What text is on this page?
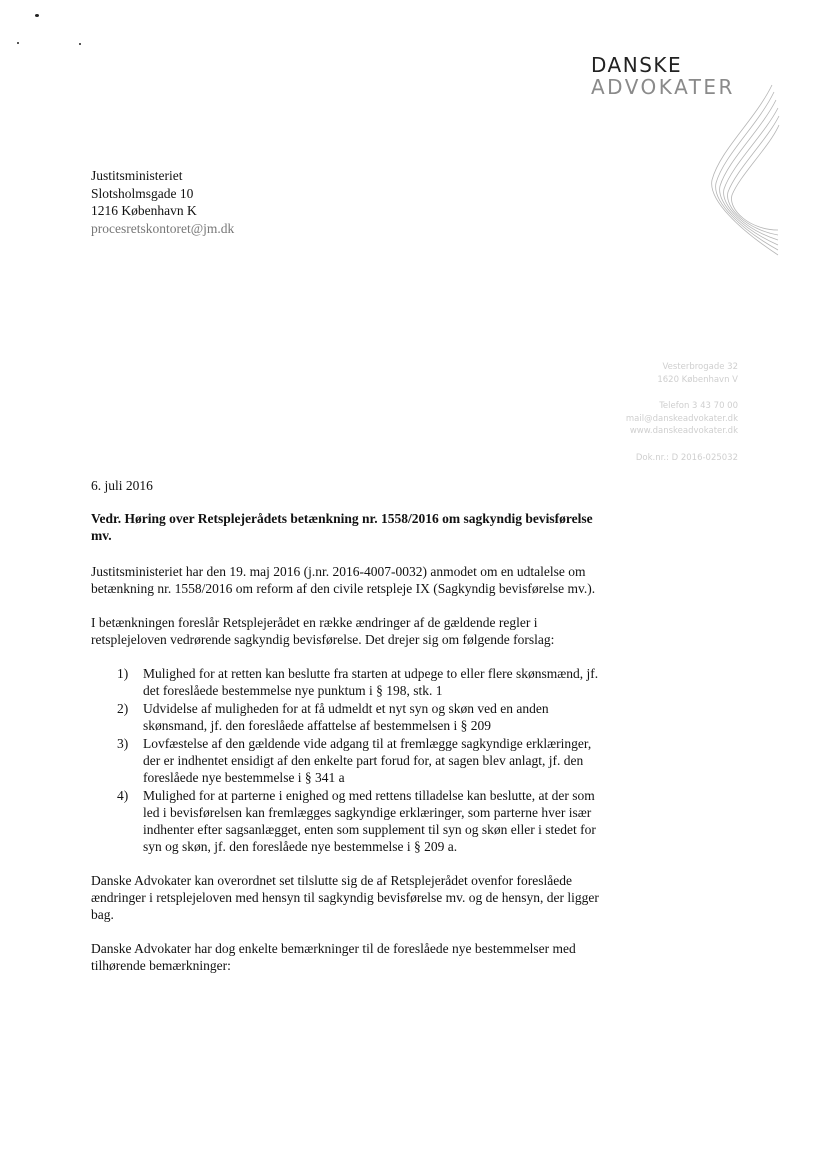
DANSKE
ADVOKATER
Justitsministeriet
Slotsholmsgade 10
1216 København K
procesretskontoret@jm.dk
Vesterbrogade 32
1620 København V
Telefon 3 43 70 00
mail@danskeadvokater.dk
www.danskeadvokater.dk
Dok.nr.: D 2016-025032
6. juli 2016
Vedr. Høring over Retsplejerådets betænkning nr. 1558/2016 om sagkyndig bevisførelse mv.

Justitsministeriet har den 19. maj 2016 (j.nr. 2016-4007-0032) anmodet om en udtalelse om betænkning nr. 1558/2016 om reform af den civile retspleje IX (Sagkyndig bevisførelse mv.).

I betænkningen foreslår Retsplejerådet en række ændringer af de gældende regler i retsplejeloven vedrørende sagkyndig bevisførelse. Det drejer sig om følgende forslag:

1) Mulighed for at retten kan beslutte fra starten at udpege to eller flere skønsmænd, jf. det foreslåede bestemmelse nye punktum i § 198, stk. 1
2) Udvidelse af muligheden for at få udmeldt et nyt syn og skøn ved en anden skønsmand, jf. den foreslåede affattelse af bestemmelsen i § 209
3) Lovfæstelse af den gældende vide adgang til at fremlægge sagkyndige erklæringer, der er indhentet ensidigt af den enkelte part forud for, at sagen blev anlagt, jf. den foreslåede nye bestemmelse i § 341 a
4) Mulighed for at parterne i enighed og med rettens tilladelse kan beslutte, at der som led i bevisførelsen kan fremlægges sagkyndige erklæringer, som parterne hver især indhenter efter sagsanlægget, enten som supplement til syn og skøn eller i stedet for syn og skøn, jf. den foreslåede nye bestemmelse i § 209 a.

Danske Advokater kan overordnet set tilslutte sig de af Retsplejerådet ovenfor foreslåede ændringer i retsplejeloven med hensyn til sagkyndig bevisførelse mv. og de hensyn, der ligger bag.

Danske Advokater har dog enkelte bemærkninger til de foreslåede nye bestemmelser med tilhørende bemærkninger:
